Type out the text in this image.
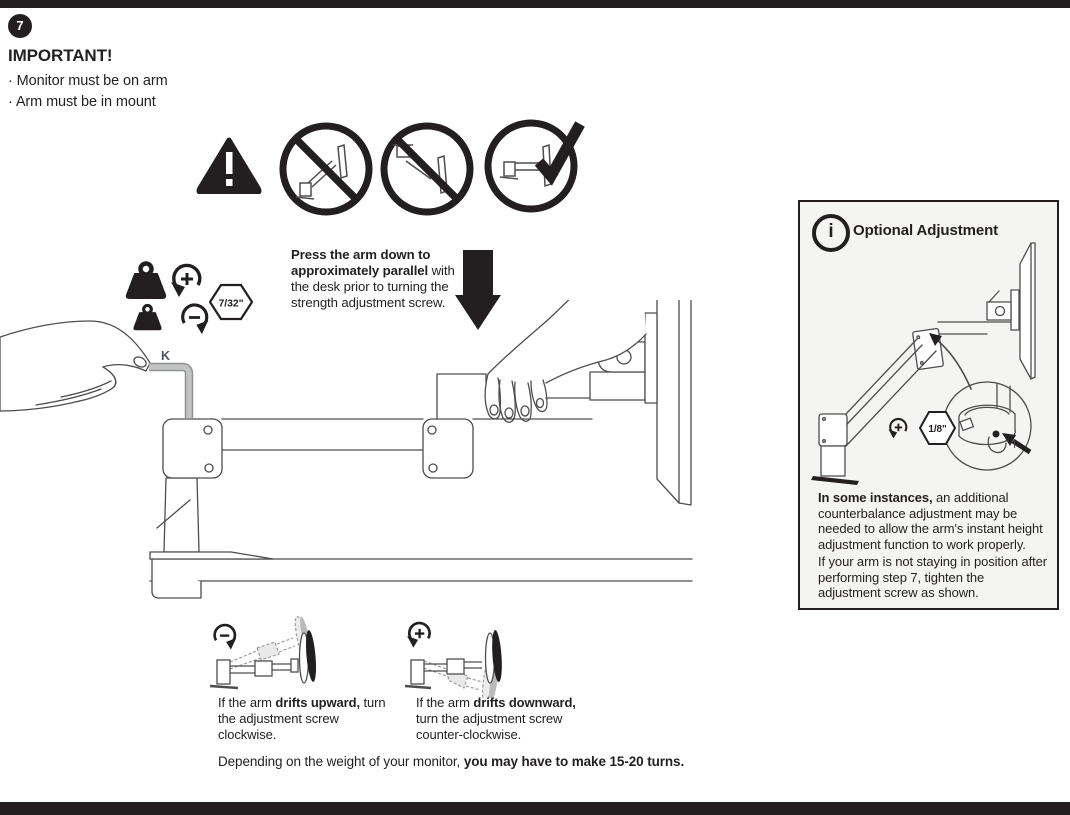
7
IMPORTANT!
· Monitor must be on arm
· Arm must be in mount
Press the arm down to approximately parallel with the desk prior to turning the strength adjustment screw.
7/32"
K
i	Optional Adjustment
1/8"
I
In some instances, an additional counterbalance adjustment may be needed to allow the arm's instant height adjustment function to work properly.
If your arm is not staying in position after performing step 7, tighten the adjustment screw as shown.
If the arm drifts upward, turn the adjustment screw clockwise.
If the arm drifts downward, turn the adjustment screw counter-clockwise.
Depending on the weight of your monitor, you may have to make 15-20 turns.
